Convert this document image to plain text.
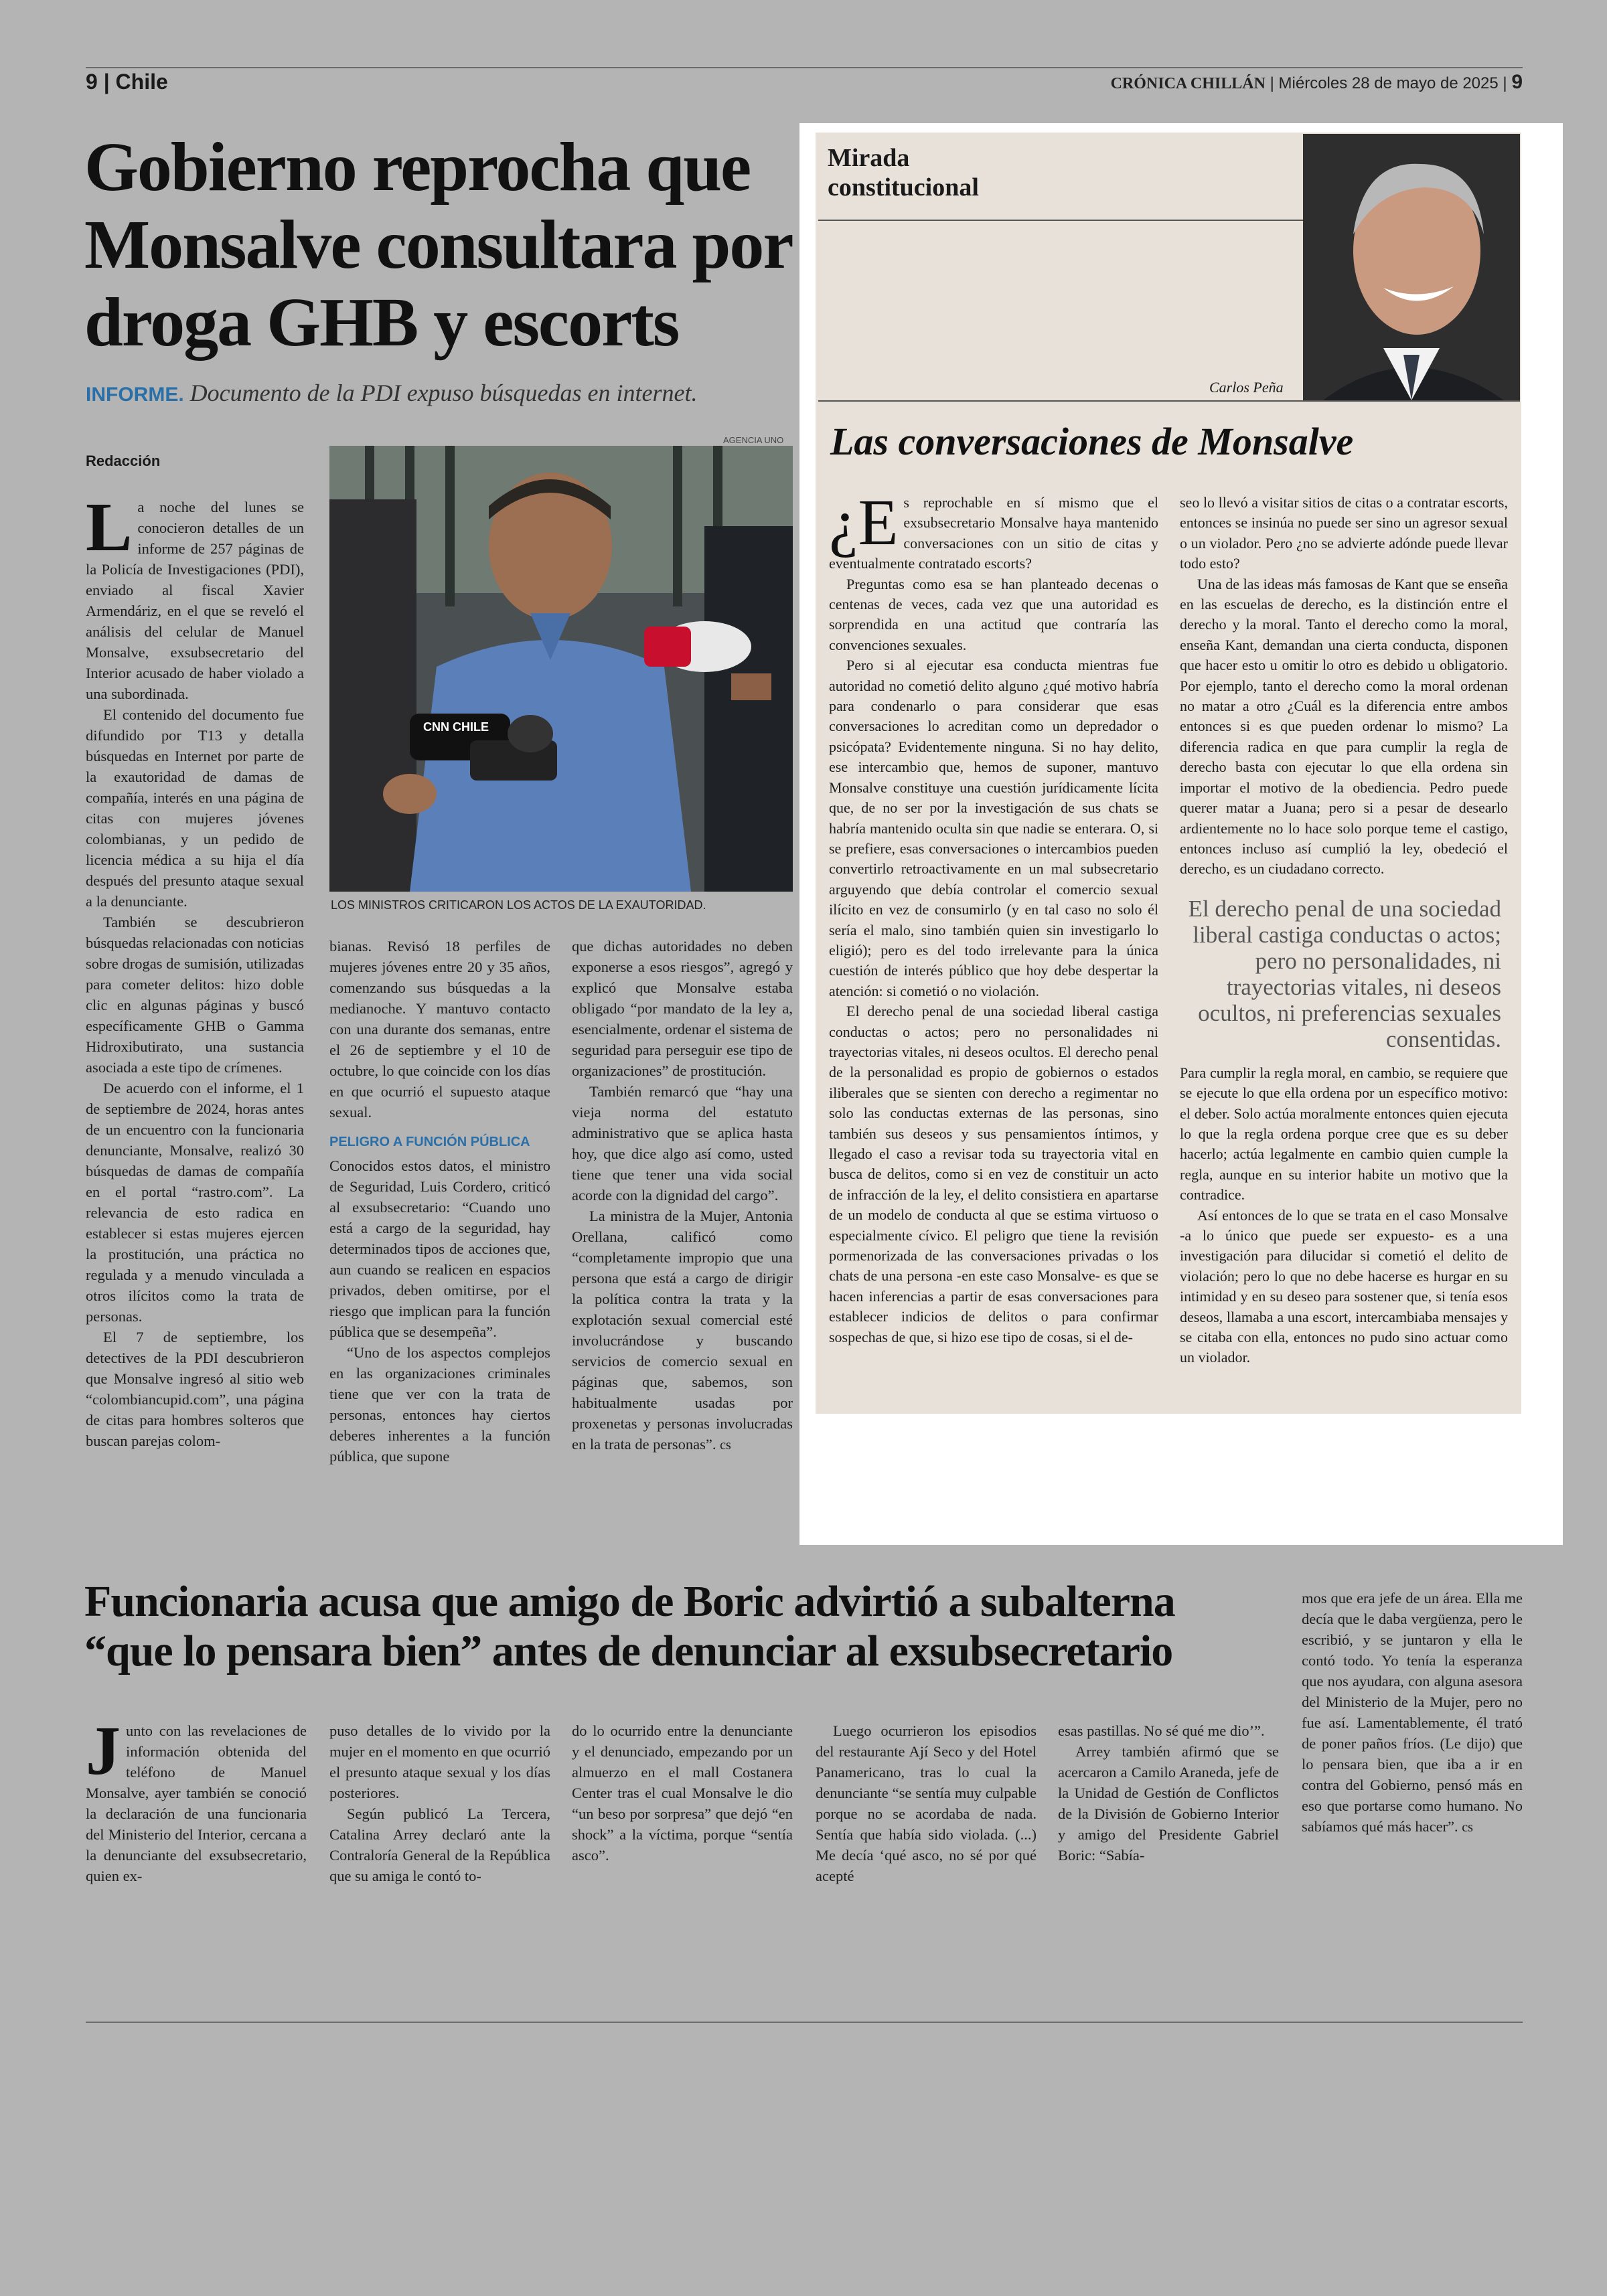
9 | Chile	CRÓNICA CHILLÁN | Miércoles 28 de mayo de 2025 | 9
Gobierno reprocha que
Monsalve consultara por
droga GHB y escorts
INFORME. Documento de la PDI expuso búsquedas en internet.
Redacción

La noche del lunes se conocieron detalles de un informe de 257 páginas de la Policía de Investigaciones (PDI), enviado al fiscal Xavier Armendáriz, en el que se reveló el análisis del celular de Manuel Monsalve, exsubsecretario del Interior acusado de haber violado a una subordinada.

El contenido del documento fue difundido por T13 y detalla búsquedas en Internet por parte de la exautoridad de damas de compañía, interés en una página de citas con mujeres jóvenes colombianas, y un pedido de licencia médica a su hija el día después del presunto ataque sexual a la denunciante.

También se descubrieron búsquedas relacionadas con noticias sobre drogas de sumisión, utilizadas para cometer delitos: hizo doble clic en algunas páginas y buscó específicamente GHB o Gamma Hidroxibutirato, una sustancia asociada a este tipo de crímenes.

De acuerdo con el informe, el 1 de septiembre de 2024, horas antes de un encuentro con la funcionaria denunciante, Monsalve, realizó 30 búsquedas de damas de compañía en el portal “rastro.com”. La relevancia de esto radica en establecer si estas mujeres ejercen la prostitución, una práctica no regulada y a menudo vinculada a otros ilícitos como la trata de personas.

El 7 de septiembre, los detectives de la PDI descubrieron que Monsalve ingresó al sitio web “colombiancupid.com”, una página de citas para hombres solteros que buscan parejas colom-

AGENCIA UNO
CNN CHILE
LOS MINISTROS CRITICARON LOS ACTOS DE LA EXAUTORIDAD.

bianas. Revisó 18 perfiles de mujeres jóvenes entre 20 y 35 años, comenzando sus búsquedas a la medianoche. Y mantuvo contacto con una durante dos semanas, entre el 26 de septiembre y el 10 de octubre, lo que coincide con los días en que ocurrió el supuesto ataque sexual.

PELIGRO A FUNCIÓN PÚBLICA

Conocidos estos datos, el ministro de Seguridad, Luis Cordero, criticó al exsubsecretario: “Cuando uno está a cargo de la seguridad, hay determinados tipos de acciones que, aun cuando se realicen en espacios privados, deben omitirse, por el riesgo que implican para la función pública que se desempeña”.

“Uno de los aspectos complejos en las organizaciones criminales tiene que ver con la trata de personas, entonces hay ciertos deberes inherentes a la función pública, que supone

que dichas autoridades no deben exponerse a esos riesgos”, agregó y explicó que Monsalve estaba obligado “por mandato de la ley a, esencialmente, ordenar el sistema de seguridad para perseguir ese tipo de organizaciones” de prostitución.

También remarcó que “hay una vieja norma del estatuto administrativo que se aplica hasta hoy, que dice algo así como, usted tiene que tener una vida social acorde con la dignidad del cargo”.

La ministra de la Mujer, Antonia Orellana, calificó como “completamente impropio que una persona que está a cargo de dirigir la política contra la trata y la explotación sexual comercial esté involucrándose y buscando servicios de comercio sexual en páginas que, sabemos, son habitualmente usadas por proxenetas y personas involucradas en la trata de personas”. cs

Mirada
constitucional
Carlos Peña
Las conversaciones de Monsalve

¿E s reprochable en sí mismo que el exsubsecretario Monsalve haya mantenido conversaciones con un sitio de citas y eventualmente contratado escorts?

Preguntas como esa se han planteado decenas o centenas de veces, cada vez que una autoridad es sorprendida en una actitud que contraría las convenciones sexuales.

Pero si al ejecutar esa conducta mientras fue autoridad no cometió delito alguno ¿qué motivo habría para condenarlo o para considerar que esas conversaciones lo acreditan como un depredador o psicópata? Evidentemente ninguna. Si no hay delito, ese intercambio que, hemos de suponer, mantuvo Monsalve constituye una cuestión jurídicamente lícita que, de no ser por la investigación de sus chats se habría mantenido oculta sin que nadie se enterara. O, si se prefiere, esas conversaciones o intercambios pueden convertirlo retroactivamente en un mal subsecretario arguyendo que debía controlar el comercio sexual ilícito en vez de consumirlo (y en tal caso no solo él sería el malo, sino también quien sin investigarlo lo eligió); pero es del todo irrelevante para la única cuestión de interés público que hoy debe despertar la atención: si cometió o no violación.

El derecho penal de una sociedad liberal castiga conductas o actos; pero no personalidades ni trayectorias vitales, ni deseos ocultos. El derecho penal de la personalidad es propio de gobiernos o estados iliberales que se sienten con derecho a regimentar no solo las conductas externas de las personas, sino también sus deseos y sus pensamientos íntimos, y llegado el caso a revisar toda su trayectoria vital en busca de delitos, como si en vez de constituir un acto de infracción de la ley, el delito consistiera en apartarse de un modelo de conducta al que se estima virtuoso o especialmente cívico. El peligro que tiene la revisión pormenorizada de las conversaciones privadas o los chats de una persona -en este caso Monsalve- es que se hacen inferencias a partir de esas conversaciones para establecer indicios de delitos o para confirmar sospechas de que, si hizo ese tipo de cosas, si el de-

seo lo llevó a visitar sitios de citas o a contratar escorts, entonces se insinúa no puede ser sino un agresor sexual o un violador. Pero ¿no se advierte adónde puede llevar todo esto?

Una de las ideas más famosas de Kant que se enseña en las escuelas de derecho, es la distinción entre el derecho y la moral. Tanto el derecho como la moral, enseña Kant, demandan una cierta conducta, disponen que hacer esto u omitir lo otro es debido u obligatorio. Por ejemplo, tanto el derecho como la moral ordenan no matar a otro ¿Cuál es la diferencia entre ambos entonces si es que pueden ordenar lo mismo? La diferencia radica en que para cumplir la regla de derecho basta con ejecutar lo que ella ordena sin importar el motivo de la obediencia. Pedro puede querer matar a Juana; pero si a pesar de desearlo ardientemente no lo hace solo porque teme el castigo, entonces incluso así cumplió la ley, obedeció el derecho, es un ciudadano correcto.

El derecho penal de una sociedad liberal castiga conductas o actos; pero no personalidades, ni trayectorias vitales, ni deseos ocultos, ni preferencias sexuales consentidas.

Para cumplir la regla moral, en cambio, se requiere que se ejecute lo que ella ordena por un específico motivo: el deber. Solo actúa moralmente entonces quien ejecuta lo que la regla ordena porque cree que es su deber hacerlo; actúa legalmente en cambio quien cumple la regla, aunque en su interior habite un motivo que la contradice.

Así entonces de lo que se trata en el caso Monsalve -a lo único que puede ser expuesto- es a una investigación para dilucidar si cometió el delito de violación; pero lo que no debe hacerse es hurgar en su intimidad y en su deseo para sostener que, si tenía esos deseos, llamaba a una escort, intercambiaba mensajes y se citaba con ella, entonces no pudo sino actuar como un violador.

Funcionaria acusa que amigo de Boric advirtió a subalterna
“que lo pensara bien” antes de denunciar al exsubsecretario

Junto con las revelaciones de información obtenida del teléfono de Manuel Monsalve, ayer también se conoció la declaración de una funcionaria del Ministerio del Interior, cercana a la denunciante del exsubsecretario, quien ex-

puso detalles de lo vivido por la mujer en el momento en que ocurrió el presunto ataque sexual y los días posteriores.

Según publicó La Tercera, Catalina Arrey declaró ante la Contraloría General de la República que su amiga le contó to-

do lo ocurrido entre la denunciante y el denunciado, empezando por un almuerzo en el mall Costanera Center tras el cual Monsalve le dio “un beso por sorpresa” que dejó “en shock” a la víctima, porque “sentía asco”.

Luego ocurrieron los episodios del restaurante Ají Seco y del Hotel Panamericano, tras lo cual la denunciante “se sentía muy culpable porque no se acordaba de nada. Sentía que había sido violada. (...) Me decía ‘qué asco, no sé por qué acepté

esas pastillas. No sé qué me dio’”.

Arrey también afirmó que se acercaron a Camilo Araneda, jefe de la Unidad de Gestión de Conflictos de la División de Gobierno Interior y amigo del Presidente Gabriel Boric: “Sabía-

mos que era jefe de un área. Ella me decía que le daba vergüenza, pero le escribió, y se juntaron y ella le contó todo. Yo tenía la esperanza que nos ayudara, con alguna asesora del Ministerio de la Mujer, pero no fue así. Lamentablemente, él trató de poner paños fríos. (Le dijo) que lo pensara bien, que iba a ir en contra del Gobierno, pensó más en eso que portarse como humano. No sabíamos qué más hacer”. cs
